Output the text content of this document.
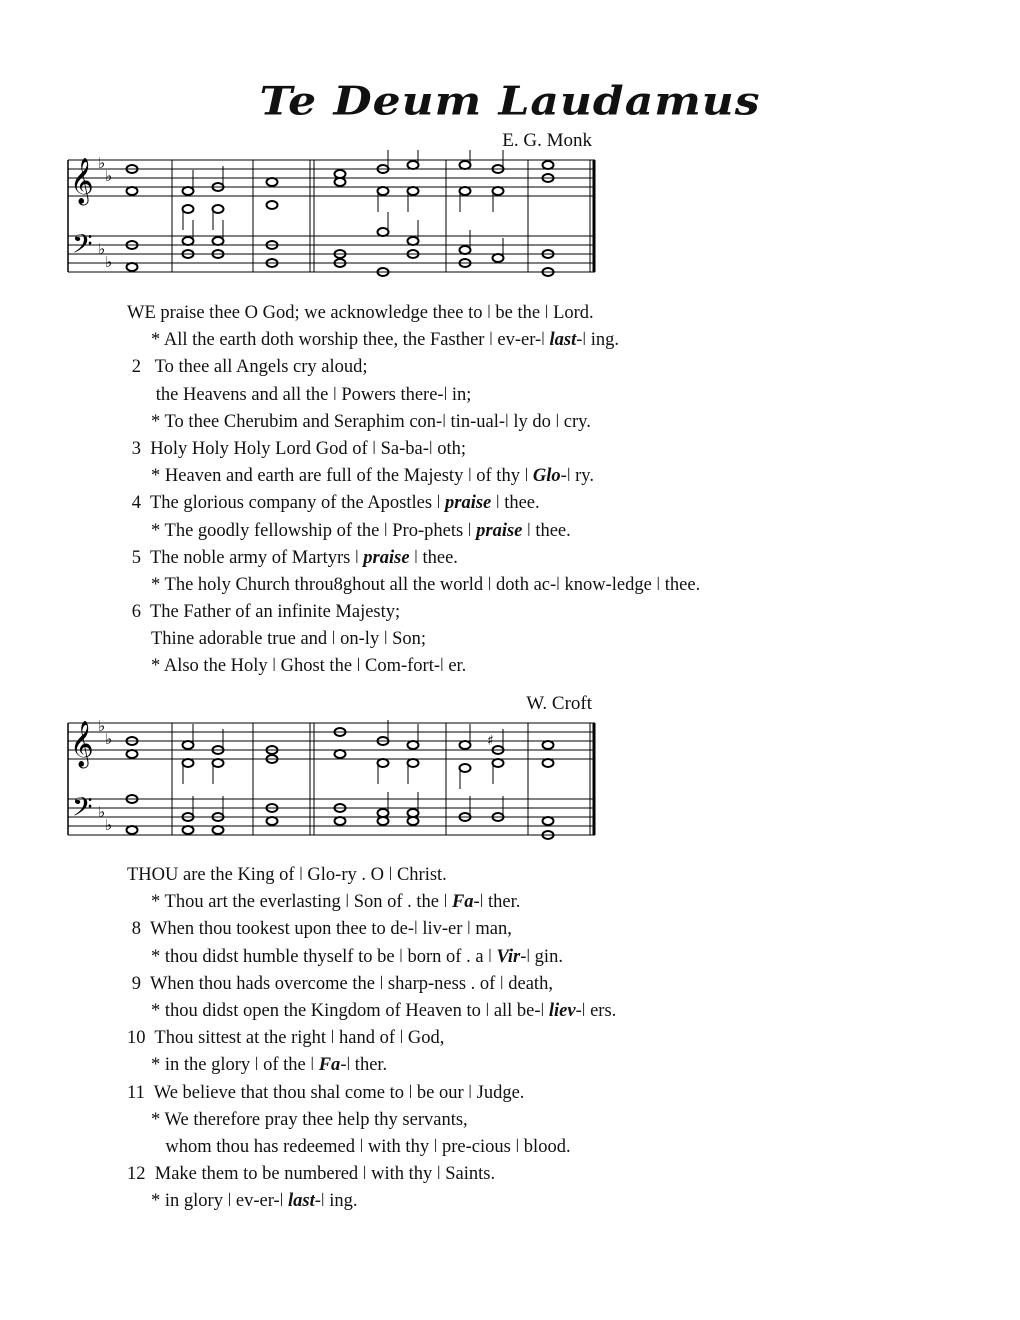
Te Deum Laudamus
E. G. Monk
𝄞
𝄢
♭
♭
♭
♭
WE praise thee O God; we acknowledge thee to ǀ be the ǀ Lord.
* All the earth doth worship thee, the Fasther ǀ ev-er-ǀ last-ǀ ing.
2   To thee all Angels cry aloud;
the Heavens and all the ǀ Powers there-ǀ in;
* To thee Cherubim and Seraphim con-ǀ tin-ual-ǀ ly do ǀ cry.
3  Holy Holy Holy Lord God of ǀ Sa-ba-ǀ oth;
* Heaven and earth are full of the Majesty ǀ of thy ǀ Glo-ǀ ry.
4  The glorious company of the Apostles ǀ praise ǀ thee.
* The goodly fellowship of the ǀ Pro-phets ǀ praise ǀ thee.
5  The noble army of Martyrs ǀ praise ǀ thee.
* The holy Church throu8ghout all the world ǀ doth ac-ǀ know-ledge ǀ thee.
6  The Father of an infinite Majesty;
Thine adorable true and ǀ on-ly ǀ Son;
* Also the Holy ǀ Ghost the ǀ Com-fort-ǀ er.
W. Croft
𝄞
𝄢
♭
♭
♭
♭
♯
THOU are the King of ǀ Glo-ry . O ǀ Christ.
* Thou art the everlasting ǀ Son of . the ǀ Fa-ǀ ther.
8  When thou tookest upon thee to de-ǀ liv-er ǀ man,
* thou didst humble thyself to be ǀ born of . a ǀ Vir-ǀ gin.
9  When thou hads overcome the ǀ sharp-ness . of ǀ death,
* thou didst open the Kingdom of Heaven to ǀ all be-ǀ liev-ǀ ers.
10  Thou sittest at the right ǀ hand of ǀ God,
* in the glory ǀ of the ǀ Fa-ǀ ther.
11  We believe that thou shal come to ǀ be our ǀ Judge.
* We therefore pray thee help thy servants,
whom thou has redeemed ǀ with thy ǀ pre-cious ǀ blood.
12  Make them to be numbered ǀ with thy ǀ Saints.
* in glory ǀ ev-er-ǀ last-ǀ ing.
